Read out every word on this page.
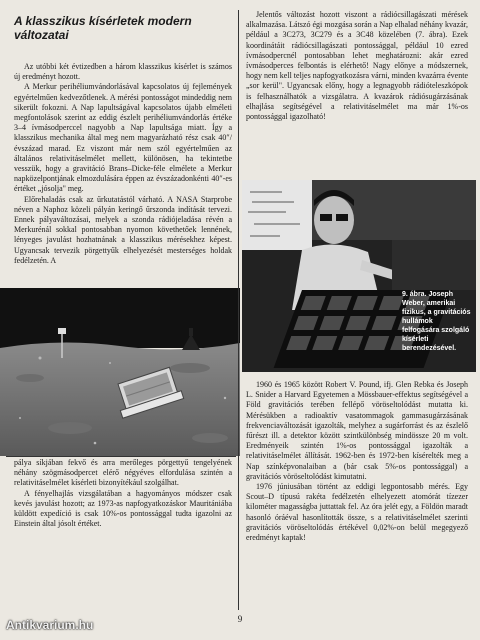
A klasszikus kísérletek modern változatai

Az utóbbi két évtizedben a három klasszikus kísérlet is számos új eredményt hozott.

A Merkur perihéliumvándorlásával kapcsolatos új fejlemények egyértelműen kedvezőtlenek. A mérési pontosságot mindeddig nem sikerült fokozni. A Nap lapultságával kapcsolatos újabb elméleti megfontolások szerint az eddig észlelt perihéliumvándorlás értéke 3–4 ívmásodperccel nagyobb a Nap lapultsága miatt. Így a klasszikus mechanika által meg nem magyarázható rész csak 40″/évszázad marad. Ez viszont már nem szól egyértelműen az általános relativitáselmélet mellett, különösen, ha tekintetbe vesszük, hogy a gravitáció Brans–Dicke-féle elmélete a Merkur napközelpontjának elmozdulására éppen az évszázadonkénti 40″-es értéket „jósolja" meg.

Előrehaladás csak az űrkutatástól várható. A NASA Starprobe néven a Naphoz közeli pályán keringő űrszonda indítását tervezi. Ennek pályaváltozásai, melyek a szonda rádiójeladása révén a Merkurénál sokkal pontosabban nyomon követhetőek lennének, lényeges javulást hozhatnának a klasszikus mérésekhez képest. Ugyancsak tervezik pörgettyűk elhelyezését mesterséges holdak fedélzetén. A

pálya síkjában fekvő és arra merőleges pörgettyű tengelyének néhány szögmásodpercet elérő négyéves elfordulása szintén a relativitáselmélet kísérleti bizonyítékául szolgálhat.

A fényelhajlás vizsgálatában a hagyományos módszer csak kevés javulást hozott; az 1973-as napfogyatkozáskor Mauritániába küldött expedíció is csak 10%-os pontossággal tudta igazolni az Einstein által jósolt értéket.

Jelentős változást hozott viszont a rádiócsillagászati mérések alkalmazása. Látszó égi mozgása során a Nap elhalad néhány kvazár, például a 3C273, 3C279 és a 3C48 közelében (7. ábra). Ezek koordinátáit rádiócsillagászati pontossággal, például 10 ezred ívmásodpercnél pontosabban lehet meghatározni: akár ezred ívmásodperces felbontás is elérhető! Nagy előnye a módszernek, hogy nem kell teljes napfogyatkozásra várni, minden kvazárra évente „sor kerül". Ugyancsak előny, hogy a legnagyobb rádióteleszkópok is felhasználhatók a vizsgálatra. A kvazárok rádiósugárzásának elhajlása segítségével a relativitáselmélet ma már 1%-os pontossággal igazolható!

9. ábra. Joseph Weber, amerikai fizikus, a gravitációs hullámok felfogására szolgáló kísérleti berendezésével.

1960 és 1965 között Robert V. Pound, ifj. Glen Rebka és Joseph L. Snider a Harvard Egyetemen a Mössbauer-effektus segítségével a Föld gravitációs terében fellépő vöröseltolódást mutatta ki. Mérésükben a radioaktív vasatommagok gammasugárzásának frekvenciaváltozását igazolták, melyhez a sugárforrást és az észlelő fűrészt ill. a detektor között szintkülönbség mindössze 20 m volt. Eredményeik szintén 1%-os pontossággal igazolták a relativitáselmélet állítását. 1962-ben és 1972-ben kísérelték meg a Nap színképvonalaiban a (bár csak 5%-os pontossággal) a gravitációs vöröseltolódást kimutatni.

1976 júniusában történt az eddigi legpontosabb mérés. Egy Scout–D típusú rakéta fedélzetén elhelyezett atomórát tízezer kilométer magasságba juttattak fel. Az óra jelét egy, a Földön maradt hasonló óráéval hasonlították össze, s a relativitáselmélet szerinti gravitációs vöröseltolódás értékével 0,02%-on belül megegyező eredményt kaptak!

9
Antikvarium.hu
